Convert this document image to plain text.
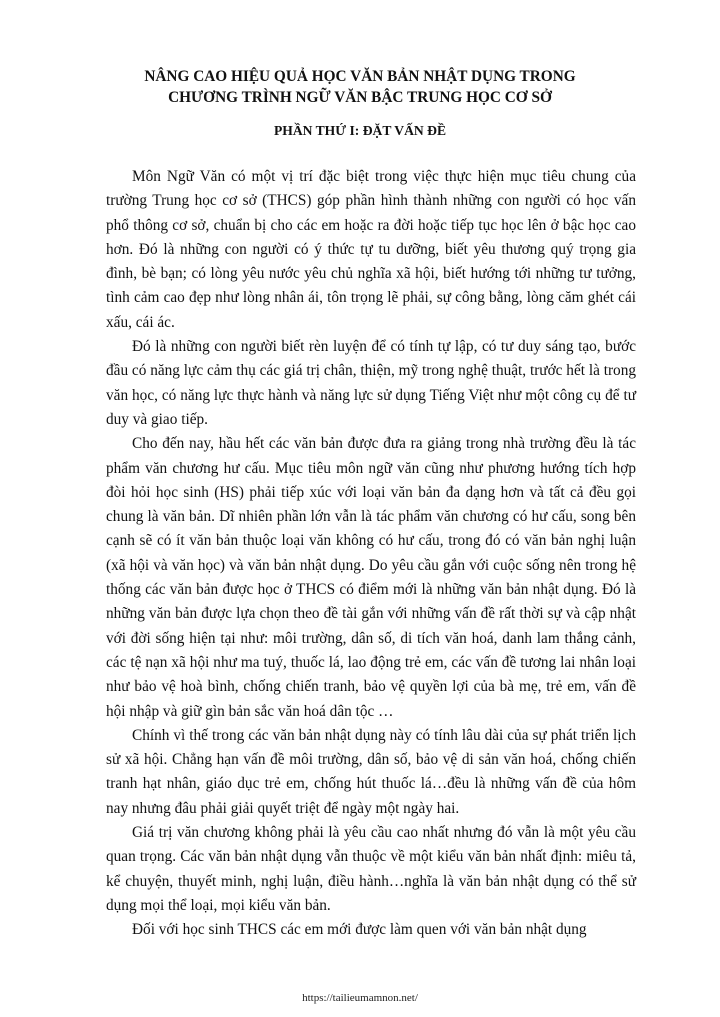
NÂNG CAO HIỆU QUẢ HỌC VĂN BẢN NHẬT DỤNG TRONG
CHƯƠNG TRÌNH NGỮ VĂN BẬC TRUNG HỌC CƠ SỞ
PHẦN THỨ I: ĐẶT VẤN ĐỀ

Môn Ngữ Văn có một vị trí đặc biệt trong việc thực hiện mục tiêu chung của trường Trung học cơ sở (THCS) góp phần hình thành những con người có học vấn phổ thông cơ sở, chuẩn bị cho các em hoặc ra đời hoặc tiếp tục học lên ở bậc học cao hơn. Đó là những con người có ý thức tự tu dưỡng, biết yêu thương quý trọng gia đình, bè bạn; có lòng yêu nước yêu chủ nghĩa xã hội, biết hướng tới những tư tưởng, tình cảm cao đẹp như lòng nhân ái, tôn trọng lẽ phải, sự công bằng, lòng căm ghét cái xấu, cái ác.

Đó là những con người biết rèn luyện để có tính tự lập, có tư duy sáng tạo, bước đầu có năng lực cảm thụ các giá trị chân, thiện, mỹ trong nghệ thuật, trước hết là trong văn học, có năng lực thực hành và năng lực sử dụng Tiếng Việt như một công cụ để tư duy và giao tiếp.

Cho đến nay, hầu hết các văn bản được đưa ra giảng trong nhà trường đều là tác phẩm văn chương hư cấu. Mục tiêu môn ngữ văn cũng như phương hướng tích hợp đòi hỏi học sinh (HS) phải tiếp xúc với loại văn bản đa dạng hơn và tất cả đều gọi chung là văn bản. Dĩ nhiên phần lớn vẫn là tác phẩm văn chương có hư cấu, song bên cạnh sẽ có ít văn bản thuộc loại văn không có hư cấu, trong đó có văn bản nghị luận (xã hội và văn học) và văn bản nhật dụng. Do yêu cầu gắn với cuộc sống nên trong hệ thống các văn bản được học ở THCS có điểm mới là những văn bản nhật dụng. Đó là những văn bản được lựa chọn theo đề tài gắn với những vấn đề rất thời sự và cập nhật với đời sống hiện tại như: môi trường, dân số, di tích văn hoá, danh lam thắng cảnh, các tệ nạn xã hội như ma tuý, thuốc lá, lao động trẻ em, các vấn đề tương lai nhân loại như bảo vệ hoà bình, chống chiến tranh, bảo vệ quyền lợi của bà mẹ, trẻ em, vấn đề hội nhập và giữ gìn bản sắc văn hoá dân tộc …

Chính vì thế trong các văn bản nhật dụng này có tính lâu dài của sự phát triển lịch sử xã hội. Chẳng hạn vấn đề môi trường, dân số, bảo vệ di sản văn hoá, chống chiến tranh hạt nhân, giáo dục trẻ em, chống hút thuốc lá…đều là những vấn đề của hôm nay nhưng đâu phải giải quyết triệt để ngày một ngày hai.

Giá trị văn chương không phải là yêu cầu cao nhất nhưng đó vẫn là một yêu cầu quan trọng. Các văn bản nhật dụng vẫn thuộc về một kiểu văn bản nhất định: miêu tả, kể chuyện, thuyết minh, nghị luận, điều hành…nghĩa là văn bản nhật dụng có thể sử dụng mọi thể loại, mọi kiểu văn bản.

Đối với học sinh THCS các em mới được làm quen với văn bản nhật dụng

https://tailieumamnon.net/
